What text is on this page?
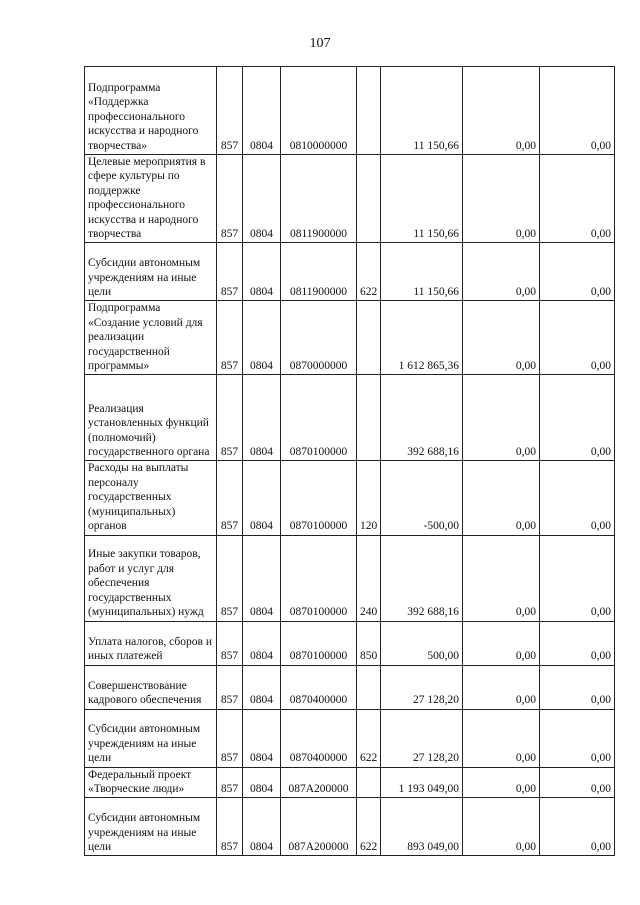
107
Подпрограмма «Поддержка профессионального искусства и народного творчества»	857	0804	0810000000		11 150,66	0,00	0,00
Целевые мероприятия в сфере культуры по поддержке профессионального искусства и народного творчества	857	0804	0811900000		11 150,66	0,00	0,00
Субсидии автономным учреждениям на иные цели	857	0804	0811900000	622	11 150,66	0,00	0,00
Подпрограмма «Создание условий для реализации государственной программы»	857	0804	0870000000		1 612 865,36	0,00	0,00
Реализация установленных функций (полномочий) государственного органа	857	0804	0870100000		392 688,16	0,00	0,00
Расходы на выплаты персоналу государственных (муниципальных) органов	857	0804	0870100000	120	-500,00	0,00	0,00
Иные закупки товаров, работ и услуг для обеспечения государственных (муниципальных) нужд	857	0804	0870100000	240	392 688,16	0,00	0,00
Уплата налогов, сборов и иных платежей	857	0804	0870100000	850	500,00	0,00	0,00
Совершенствование кадрового обеспечения	857	0804	0870400000		27 128,20	0,00	0,00
Субсидии автономным учреждениям на иные цели	857	0804	0870400000	622	27 128,20	0,00	0,00
Федеральный проект «Творческие люди»	857	0804	087A200000		1 193 049,00	0,00	0,00
Субсидии автономным учреждениям на иные цели	857	0804	087A200000	622	893 049,00	0,00	0,00
